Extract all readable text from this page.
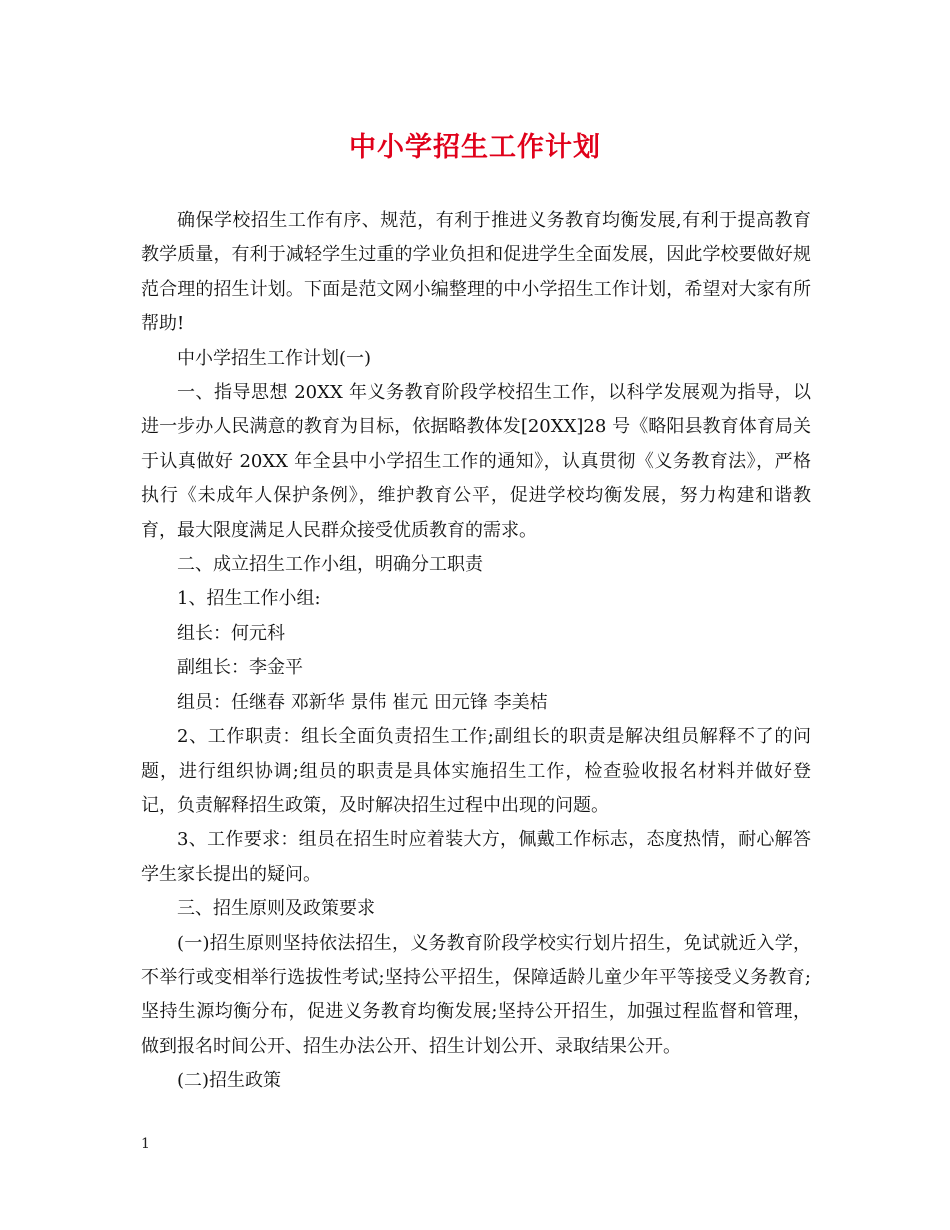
中小学招生工作计划

确保学校招生工作有序、规范，有利于推进义务教育均衡发展,有利于提高教育教学质量，有利于减轻学生过重的学业负担和促进学生全面发展，因此学校要做好规范合理的招生计划。下面是范文网小编整理的中小学招生工作计划，希望对大家有所帮助!

中小学招生工作计划(一)

一、指导思想 20XX 年义务教育阶段学校招生工作，以科学发展观为指导，以进一步办人民满意的教育为目标，依据略教体发[20XX]28 号《略阳县教育体育局关于认真做好 20XX 年全县中小学招生工作的通知》，认真贯彻《义务教育法》，严格执行《未成年人保护条例》，维护教育公平，促进学校均衡发展，努力构建和谐教育，最大限度满足人民群众接受优质教育的需求。

二、成立招生工作小组，明确分工职责

1、招生工作小组:

组长：何元科

副组长：李金平

组员：任继春 邓新华 景伟 崔元 田元锋 李美桔

2、工作职责：组长全面负责招生工作;副组长的职责是解决组员解释不了的问题，进行组织协调;组员的职责是具体实施招生工作，检查验收报名材料并做好登记，负责解释招生政策，及时解决招生过程中出现的问题。

3、工作要求：组员在招生时应着装大方，佩戴工作标志，态度热情，耐心解答学生家长提出的疑问。

三、招生原则及政策要求

(一)招生原则坚持依法招生，义务教育阶段学校实行划片招生，免试就近入学，不举行或变相举行选拔性考试;坚持公平招生，保障适龄儿童少年平等接受义务教育;坚持生源均衡分布，促进义务教育均衡发展;坚持公开招生，加强过程监督和管理，做到报名时间公开、招生办法公开、招生计划公开、录取结果公开。

(二)招生政策

1
